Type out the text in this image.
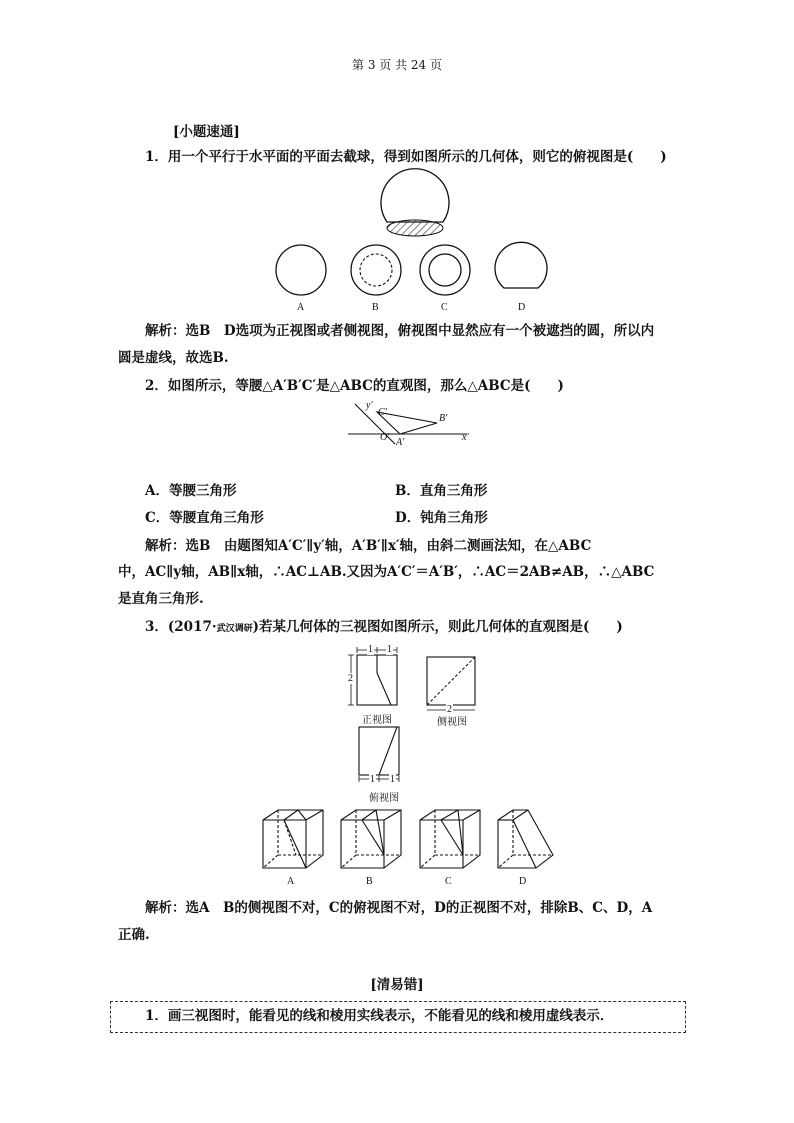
第 3 页 共 24 页
[小题速通]
1．用一个平行于水平面的平面去截球，得到如图所示的几何体，则它的俯视图是(　　)
A	B	C	D
解析：选B　D选项为正视图或者侧视图，俯视图中显然应有一个被遮挡的圆，所以内
圆是虚线，故选B.
2．如图所示，等腰△A′B′C′是△ABC的直观图，那么△ABC是(　　)
y′
C′
B′
A′
O′	x′
A．等腰三角形	B．直角三角形
C．等腰直角三角形	D．钝角三角形
解析：选B　由题图知A′C′∥y′轴，A′B′∥x′轴，由斜二测画法知，在△ABC
中，AC∥y轴，AB∥x轴，∴AC⊥AB.又因为A′C′＝A′B′，∴AC＝2AB≠AB，∴△ABC
是直角三角形.
3．(2017·武汉调研)若某几何体的三视图如图所示，则此几何体的直观图是(　　)
1 1
2
2
正视图	侧视图
1 1
俯视图
A	B	C	D
解析：选A　B的侧视图不对，C的俯视图不对，D的正视图不对，排除B、C、D，A
正确.
[清易错]
1．画三视图时，能看见的线和棱用实线表示，不能看见的线和棱用虚线表示．
